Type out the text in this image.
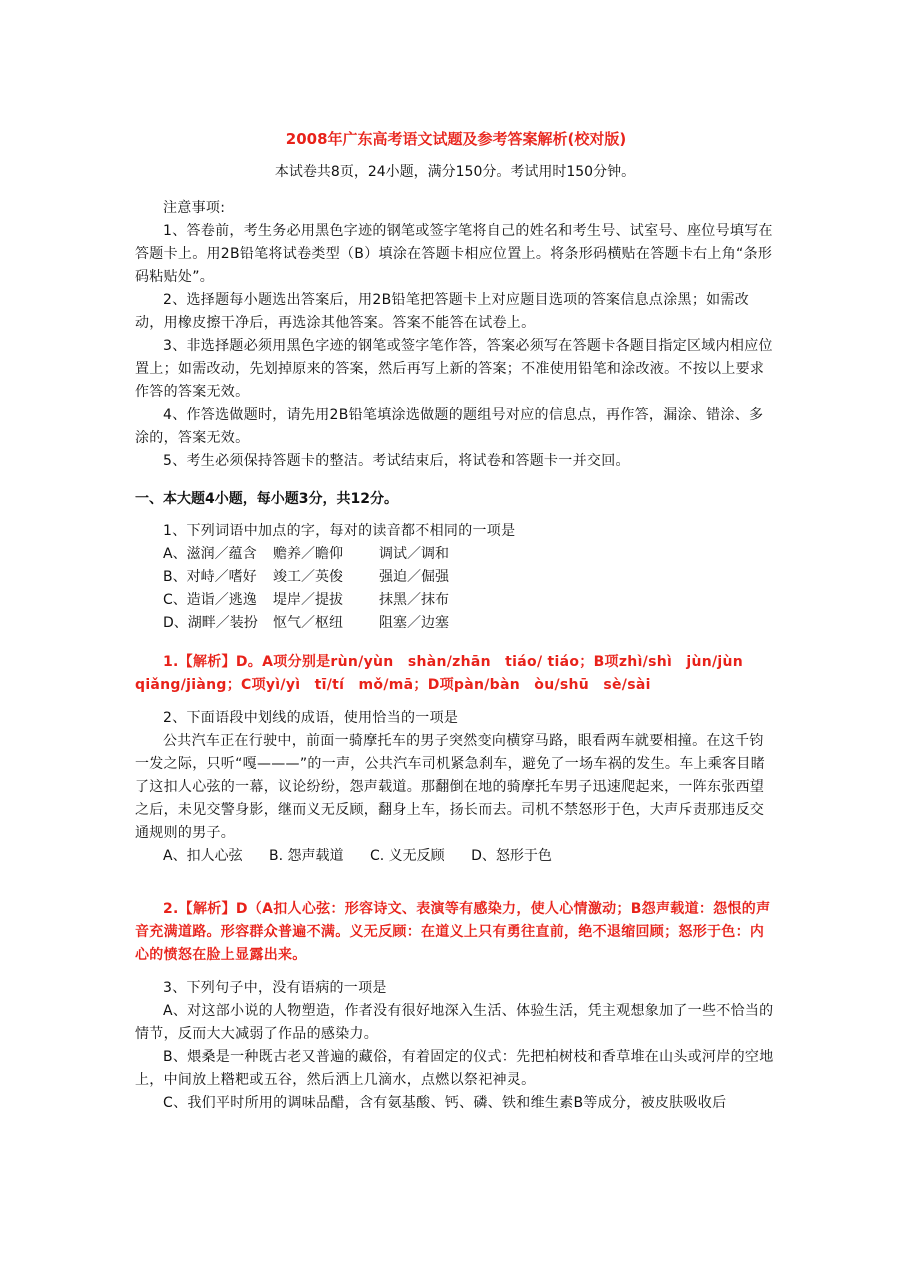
2008年广东高考语文试题及参考答案解析(校对版)
本试卷共8页，24小题，满分150分。考试用时150分钟。

注意事项:

1、答卷前，考生务必用黑色字迹的钢笔或签字笔将自己的姓名和考生号、试室号、座位号填写在答题卡上。用2B铅笔将试卷类型（B）填涂在答题卡相应位置上。将条形码横贴在答题卡右上角“条形码粘贴处”。

2、选择题每小题选出答案后，用2B铅笔把答题卡上对应题目选项的答案信息点涂黑；如需改动，用橡皮擦干净后，再选涂其他答案。答案不能答在试卷上。

3、非选择题必须用黑色字迹的钢笔或签字笔作答，答案必须写在答题卡各题目指定区域内相应位置上；如需改动，先划掉原来的答案，然后再写上新的答案；不准使用铅笔和涂改液。不按以上要求作答的答案无效。

4、作答选做题时，请先用2B铅笔填涂选做题的题组号对应的信息点，再作答，漏涂、错涂、多涂的，答案无效。

5、考生必须保持答题卡的整洁。考试结束后，将试卷和答题卡一并交回。

一、本大题4小题，每小题3分，共12分。

1、下列词语中加点的字，每对的读音都不相同的一项是

A、滋润／蕴含	赡养／瞻仰	调试／调和
B、对峙／嗜好	竣工／英俊	强迫／倔强
C、造诣／逃逸	堤岸／提拔	抹黑／抹布
D、湖畔／装扮	怄气／枢纽	阻塞／边塞

1.【解析】D。A项分别是rùn/yùn　shàn/zhān　tiáo/ tiáo；B项zhì/shì　jùn/jùn　qiǎng/jiàng；C项yì/yì　tī/tí　mǒ/mā；D项pàn/bàn　òu/shū　sè/sài

2、下面语段中划线的成语，使用恰当的一项是

公共汽车正在行驶中，前面一骑摩托车的男子突然变向横穿马路，眼看两车就要相撞。在这千钧一发之际，只听“嘎———”的一声，公共汽车司机紧急刹车，避免了一场车祸的发生。车上乘客目睹了这扣人心弦的一幕，议论纷纷，怨声载道。那翻倒在地的骑摩托车男子迅速爬起来，一阵东张西望之后，未见交警身影，继而义无反顾，翻身上车，扬长而去。司机不禁怒形于色，大声斥责那违反交通规则的男子。

A、扣人心弦 B. 怨声载道 C. 义无反顾 D、怒形于色

2.【解析】D（A扣人心弦：形容诗文、表演等有感染力，使人心情激动；B怨声载道：怨恨的声音充满道路。形容群众普遍不满。义无反顾：在道义上只有勇往直前，绝不退缩回顾；怒形于色：内心的愤怒在脸上显露出来。

3、下列句子中，没有语病的一项是

A、对这部小说的人物塑造，作者没有很好地深入生活、体验生活，凭主观想象加了一些不恰当的情节，反而大大减弱了作品的感染力。

B、煨桑是一种既古老又普遍的藏俗，有着固定的仪式：先把柏树枝和香草堆在山头或河岸的空地上，中间放上糌粑或五谷，然后洒上几滴水，点燃以祭祀神灵。

C、我们平时所用的调味品醋，含有氨基酸、钙、磷、铁和维生素B等成分，被皮肤吸收后
